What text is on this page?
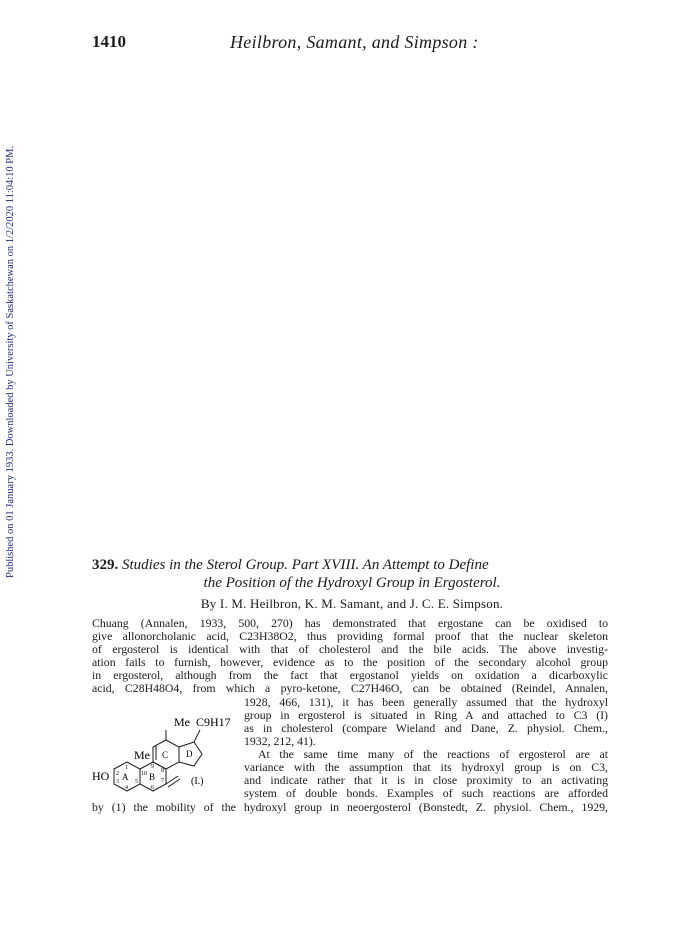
1410	Heilbron, Samant, and Simpson :
Published on 01 January 1933. Downloaded by University of Saskatchewan on 1/2/2020 11:04:10 PM.	329. Studies in the Sterol Group. Part XVIII. An Attempt to Define
the Position of the Hydroxyl Group in Ergosterol.
By I. M. Heilbron, K. M. Samant, and J. C. E. Simpson.
Chuang (Annalen, 1933, 500, 270) has demonstrated that ergostane can be oxidised to
give allonorcholanic acid, C23H38O2, thus providing formal proof that the nuclear skeleton
of ergosterol is identical with that of cholesterol and the bile acids. The above investig-
ation fails to furnish, however, evidence as to the position of the secondary alcohol group
in ergosterol, although from the fact that ergostanol yields on oxidation a dicarboxylic
acid, C28H48O4, from which a pyro-ketone, C27H46O, can be obtained (Reindel, Annalen,
1928, 466, 131), it has been generally assumed that the hydroxyl
group in ergosterol is situated in Ring A and attached to C3 (I)
as in cholesterol (compare Wieland and Dane, Z. physiol. Chem.,
1932, 212, 41).
At the same time many of the reactions of ergosterol are at
variance with the assumption that its hydroxyl group is on C3,
and indicate rather that it is in close proximity to an activating
system of double bonds. Examples of such reactions are afforded
by (1) the mobility of the hydroxyl group in neoergosterol (Bonstedt, Z. physiol. Chem., 1929,
Me C9H17
Me
HO A B
C D
1
2
3
4
5
6
7
8
9
10
(I.)
